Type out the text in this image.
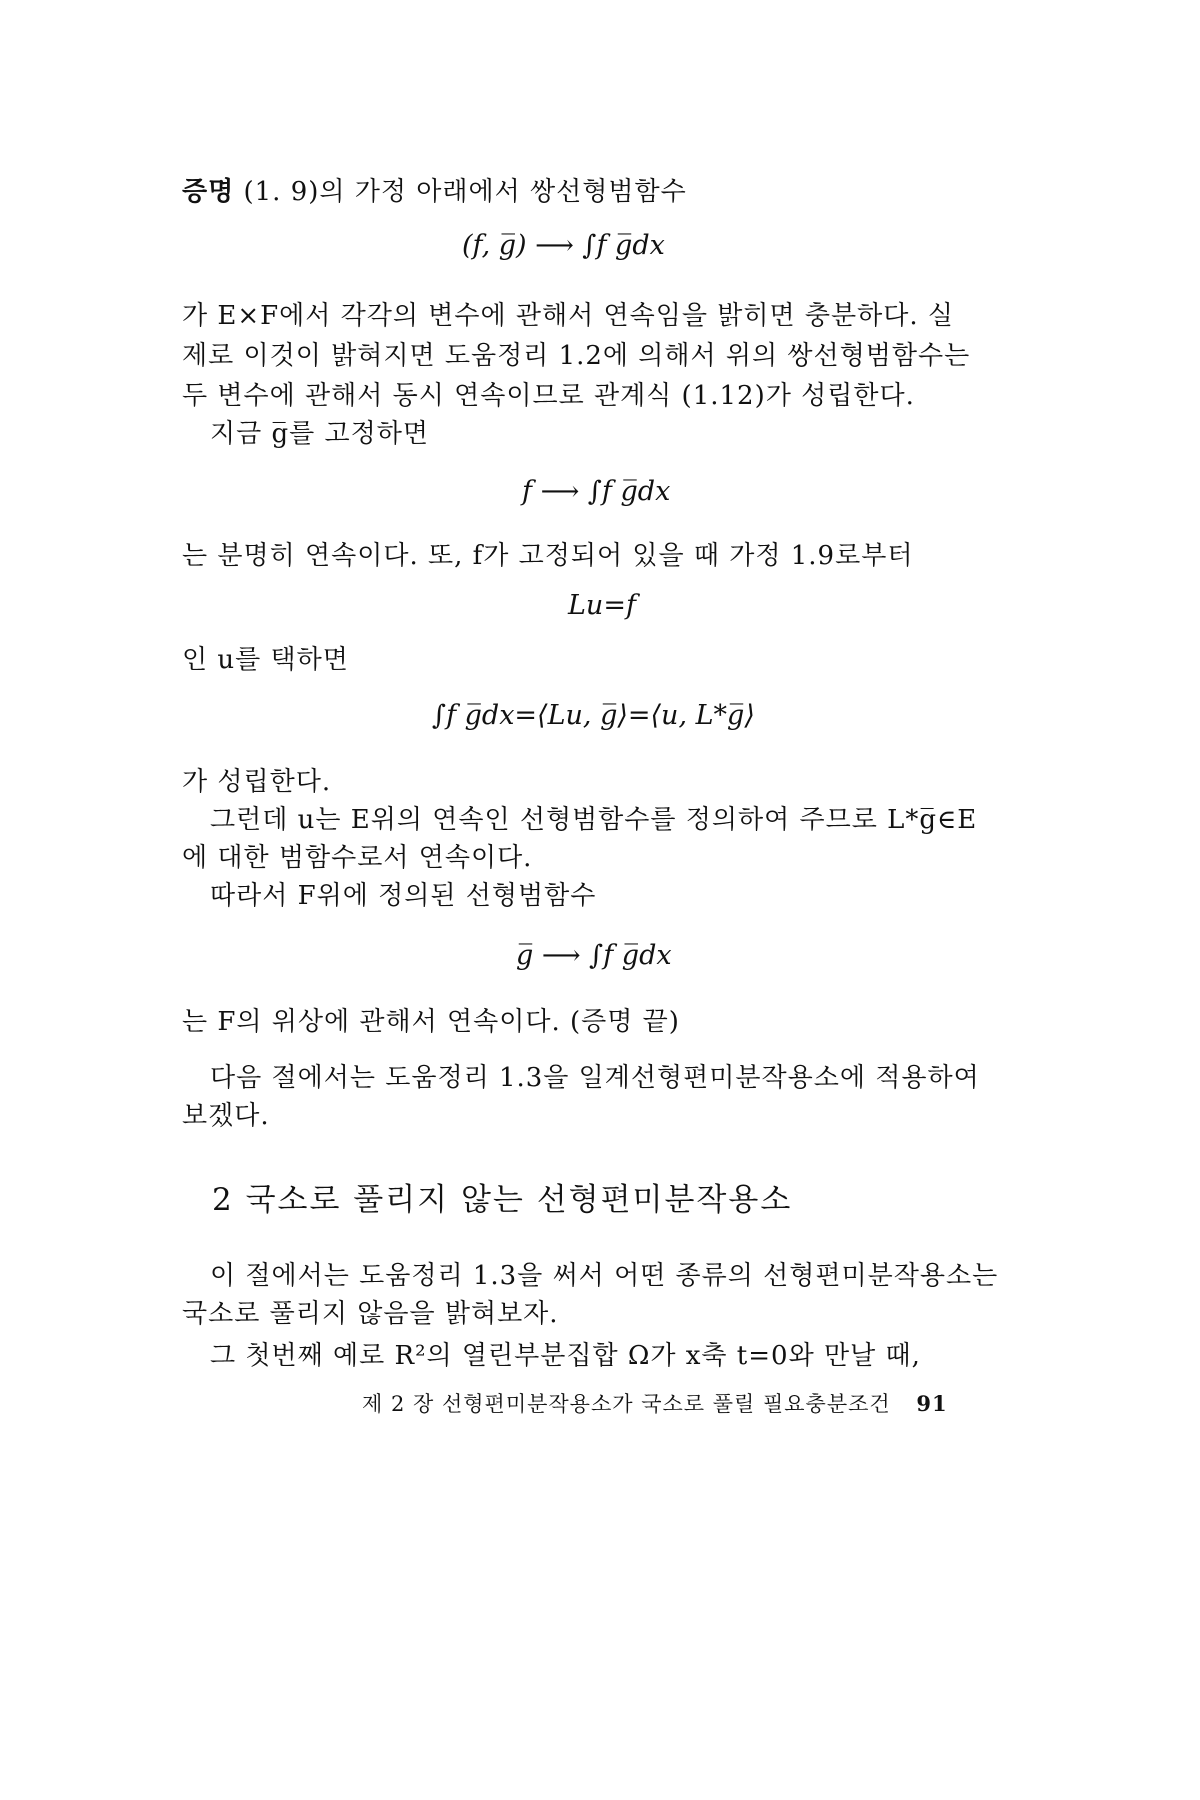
증명 (1. 9)의 가정 아래에서 쌍선형범함수
(f, g̅) ⟶ ∫f g̅dx
가 E×F에서 각각의 변수에 관해서 연속임을 밝히면 충분하다. 실
제로 이것이 밝혀지면 도움정리 1.2에 의해서 위의 쌍선형범함수는
두 변수에 관해서 동시 연속이므로 관계식 (1.12)가 성립한다.
지금 g̅를 고정하면
f ⟶ ∫f g̅dx
는 분명히 연속이다. 또, f가 고정되어 있을 때 가정 1.9로부터
Lu=f
인 u를 택하면
∫f g̅dx=⟨Lu, g̅⟩=⟨u, L*g̅⟩
가 성립한다.
그런데 u는 E위의 연속인 선형범함수를 정의하여 주므로 L*g̅∈E
에 대한 범함수로서 연속이다.
따라서 F위에 정의된 선형범함수
g̅ ⟶ ∫f g̅dx
는 F의 위상에 관해서 연속이다. (증명 끝)
다음 절에서는 도움정리 1.3을 일계선형편미분작용소에 적용하여
보겠다.
2 국소로 풀리지 않는 선형편미분작용소
이 절에서는 도움정리 1.3을 써서 어떤 종류의 선형편미분작용소는
국소로 풀리지 않음을 밝혀보자.
그 첫번째 예로 R²의 열린부분집합 Ω가 x축 t=0와 만날 때,
제 2 장 선형편미분작용소가 국소로 풀릴 필요충분조건 91
